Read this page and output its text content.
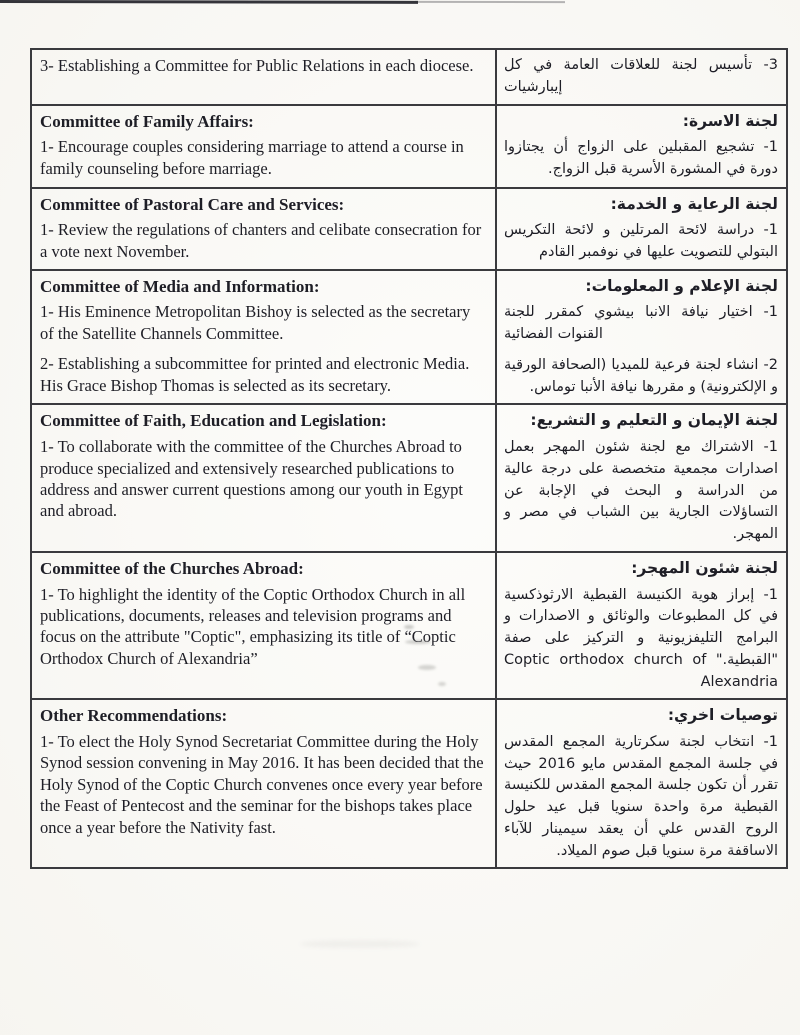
3- Establishing a Committee for Public Relations in each diocese.	3- تأسيس لجنة للعلاقات العامة في كل إيبارشيات

Committee of Family Affairs:

1- Encourage couples considering marriage to attend a course in family counseling before marriage.

لجنة الاسرة:

1- تشجيع المقبلين على الزواج أن يجتازوا دورة في المشورة الأسرية قبل الزواج.

Committee of Pastoral Care and Services:

1- Review the regulations of chanters and celibate consecration for a vote next November.

لجنة الرعاية و الخدمة:

1- دراسة لائحة المرتلين و لائحة التكريس البتولي للتصويت عليها في نوفمبر القادم

Committee of Media and Information:

1- His Eminence Metropolitan Bishoy is selected as the secretary of the Satellite Channels Committee.

2- Establishing a subcommittee for printed and electronic Media. His Grace Bishop Thomas is selected as its secretary.

لجنة الإعلام و المعلومات:

1- اختيار نيافة الانبا بيشوي كمقرر للجنة القنوات الفضائية

2- انشاء لجنة فرعية للميديا (الصحافة الورقية و الإلكترونية) و مقررها نيافة الأنبا توماس.

Committee of Faith, Education and Legislation:

1- To collaborate with the committee of the Churches Abroad to produce specialized and extensively researched publications to address and answer current questions among our youth in Egypt and abroad.

لجنة الإيمان و التعليم و التشريع:

1- الاشتراك مع لجنة شئون المهجر بعمل اصدارات مجمعية متخصصة على درجة عالية من الدراسة و البحث في الإجابة عن التساؤلات الجارية بين الشباب في مصر و المهجر.

Committee of the Churches Abroad:

1- To highlight the identity of the Coptic Orthodox Church in all publications, documents, releases and television programs and focus on the attribute "Coptic", emphasizing its title of “Coptic Orthodox Church of Alexandria”

لجنة شئون المهجر:

1- إبراز هوية الكنيسة القبطية الارثوذكسية في كل المطبوعات والوثائق و الاصدارات و البرامج التليفزيونية و التركيز على صفة "القبطية." Coptic orthodox church of Alexandria

Other Recommendations:

1- To elect the Holy Synod Secretariat Committee during the Holy Synod session convening in May 2016. It has been decided that the Holy Synod of the Coptic Church convenes once every year before the Feast of Pentecost and the seminar for the bishops takes place once a year before the Nativity fast.

توصيات اخري:

1- انتخاب لجنة سكرتارية المجمع المقدس في جلسة المجمع المقدس مايو 2016 حيث تقرر أن تكون جلسة المجمع المقدس للكنيسة القبطية مرة واحدة سنويا قبل عيد حلول الروح القدس علي أن يعقد سيمينار للآباء الاساقفة مرة سنويا قبل صوم الميلاد.
